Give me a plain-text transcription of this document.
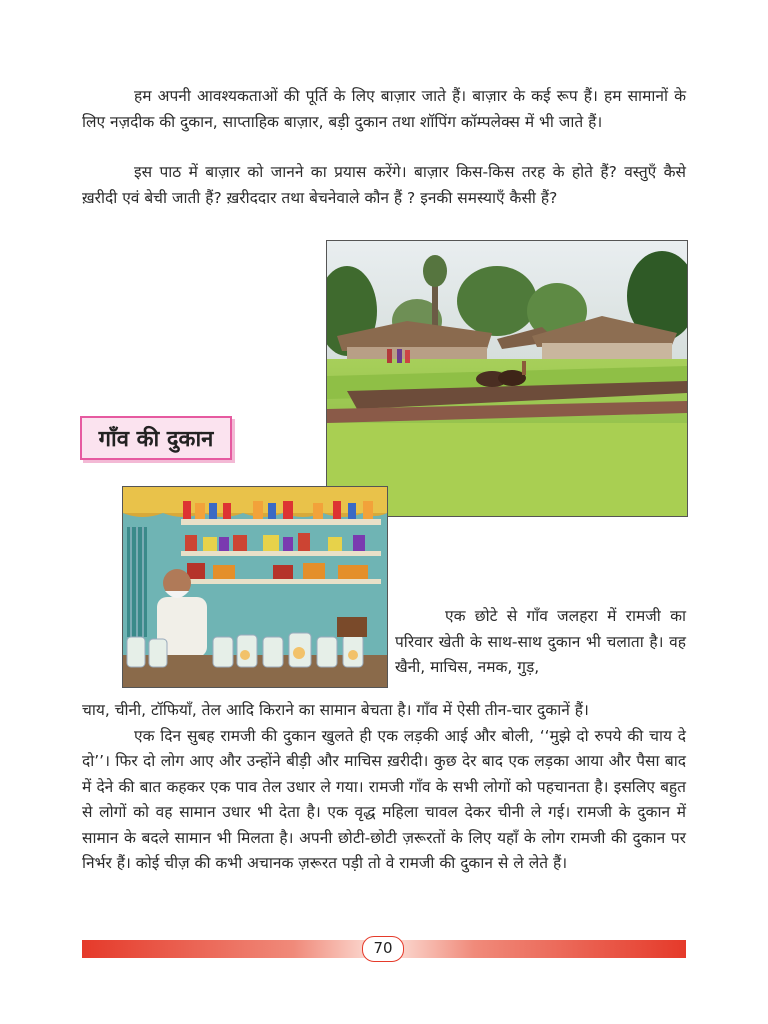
हम अपनी आवश्यकताओं की पूर्ति के लिए बाज़ार जाते हैं। बाज़ार के कई रूप हैं। हम सामानों के लिए नज़दीक की दुकान, साप्ताहिक बाज़ार, बड़ी दुकान तथा शॉपिंग कॉम्पलेक्स में भी जाते हैं।

इस पाठ में बाज़ार को जानने का प्रयास करेंगे। बाज़ार किस-किस तरह के होते हैं? वस्तुएँ कैसे ख़रीदी एवं बेची जाती हैं? ख़रीददार तथा बेचनेवाले कौन हैं ? इनकी समस्याएँ कैसी हैं?

गाँव की दुकान

एक छोटे से गाँव जलहरा में रामजी का परिवार खेती के साथ-साथ दुकान भी चलाता है। वह खैनी, माचिस, नमक, गुड़,

चाय, चीनी, टॉफियाँ, तेल आदि किराने का सामान बेचता है। गाँव में ऐसी तीन-चार दुकानें हैं।
एक दिन सुबह रामजी की दुकान खुलते ही एक लड़की आई और बोली, ‘‘मुझे दो रुपये की चाय दे दो’’। फिर दो लोग आए और उन्होंने बीड़ी और माचिस ख़रीदी। कुछ देर बाद एक लड़का आया और पैसा बाद में देने की बात कहकर एक पाव तेल उधार ले गया। रामजी गाँव के सभी लोगों को पहचानता है। इसलिए बहुत से लोगों को वह सामान उधार भी देता है। एक वृद्ध महिला चावल देकर चीनी ले गई। रामजी के दुकान में सामान के बदले सामान भी मिलता है। अपनी छोटी-छोटी ज़रूरतों के लिए यहाँ के लोग रामजी की दुकान पर निर्भर हैं। कोई चीज़ की कभी अचानक ज़रूरत पड़ी तो वे रामजी की दुकान से ले लेते हैं।
70
